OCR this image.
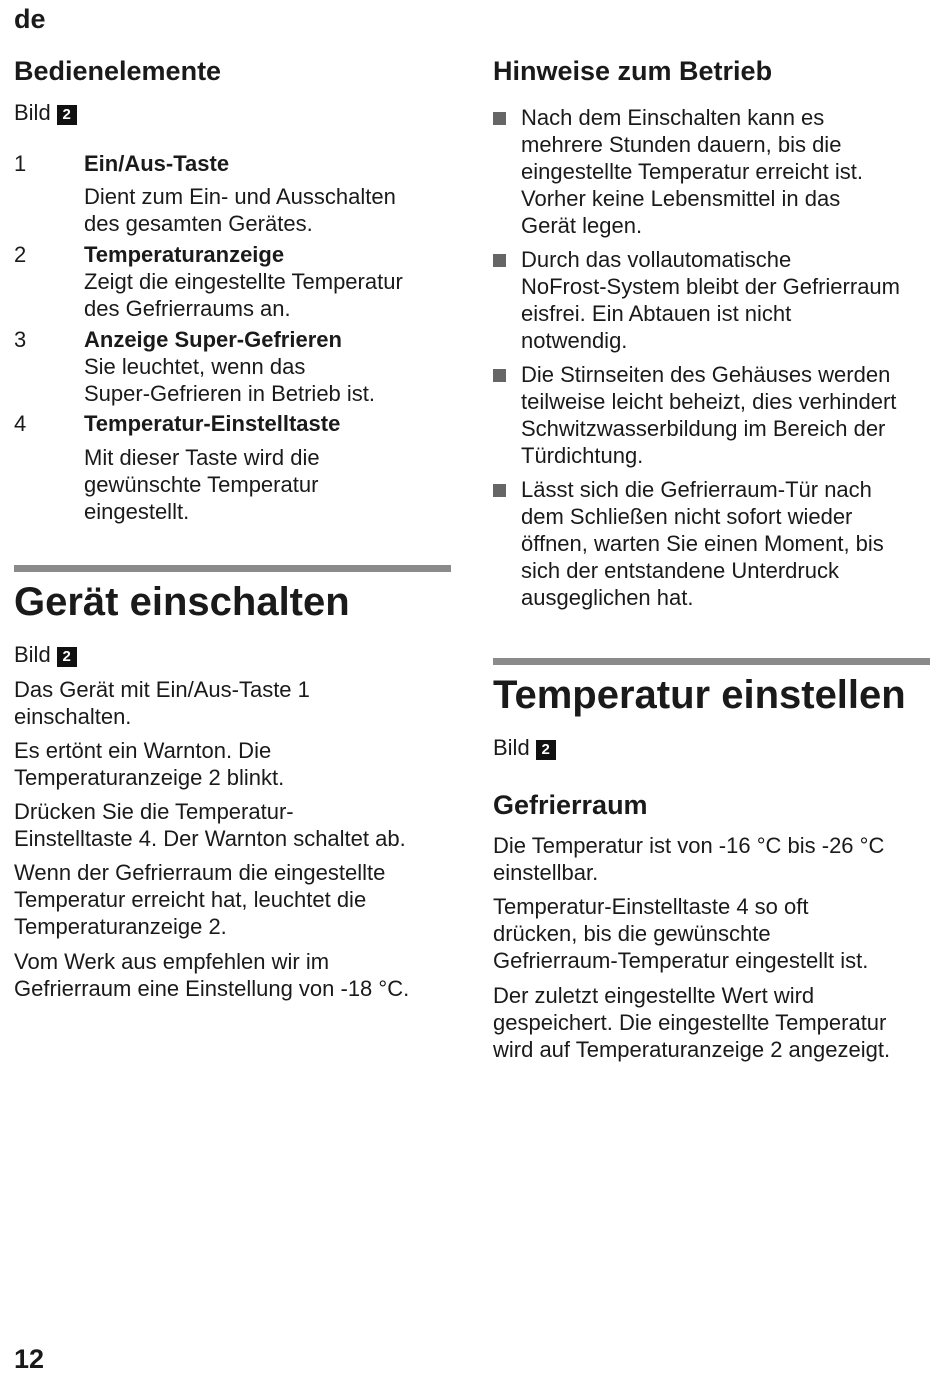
de
Bedienelemente
Bild 2
1	Ein/Aus-Taste
Dient zum Ein- und Ausschalten
des gesamten Gerätes.
2	Temperaturanzeige
Zeigt die eingestellte Temperatur
des Gefrierraums an.
3	Anzeige Super-Gefrieren
Sie leuchtet, wenn das
Super-Gefrieren in Betrieb ist.
4	Temperatur-Einstelltaste
Mit dieser Taste wird die
gewünschte Temperatur
eingestellt.
Gerät einschalten
Bild 2
Das Gerät mit Ein/Aus-Taste 1
einschalten.
Es ertönt ein Warnton. Die
Temperaturanzeige 2 blinkt.
Drücken Sie die Temperatur-
Einstelltaste 4. Der Warnton schaltet ab.
Wenn der Gefrierraum die eingestellte
Temperatur erreicht hat, leuchtet die
Temperaturanzeige 2.
Vom Werk aus empfehlen wir im
Gefrierraum eine Einstellung von -18 °C.
Hinweise zum Betrieb
Nach dem Einschalten kann es
mehrere Stunden dauern, bis die
eingestellte Temperatur erreicht ist.
Vorher keine Lebensmittel in das
Gerät legen.
Durch das vollautomatische
NoFrost-System bleibt der Gefrierraum
eisfrei. Ein Abtauen ist nicht
notwendig.
Die Stirnseiten des Gehäuses werden
teilweise leicht beheizt, dies verhindert
Schwitzwasserbildung im Bereich der
Türdichtung.
Lässt sich die Gefrierraum-Tür nach
dem Schließen nicht sofort wieder
öffnen, warten Sie einen Moment, bis
sich der entstandene Unterdruck
ausgeglichen hat.
Temperatur einstellen
Bild 2
Gefrierraum
Die Temperatur ist von -16 °C bis -26 °C
einstellbar.
Temperatur-Einstelltaste 4 so oft
drücken, bis die gewünschte
Gefrierraum-Temperatur eingestellt ist.
Der zuletzt eingestellte Wert wird
gespeichert. Die eingestellte Temperatur
wird auf Temperaturanzeige 2 angezeigt.
12
